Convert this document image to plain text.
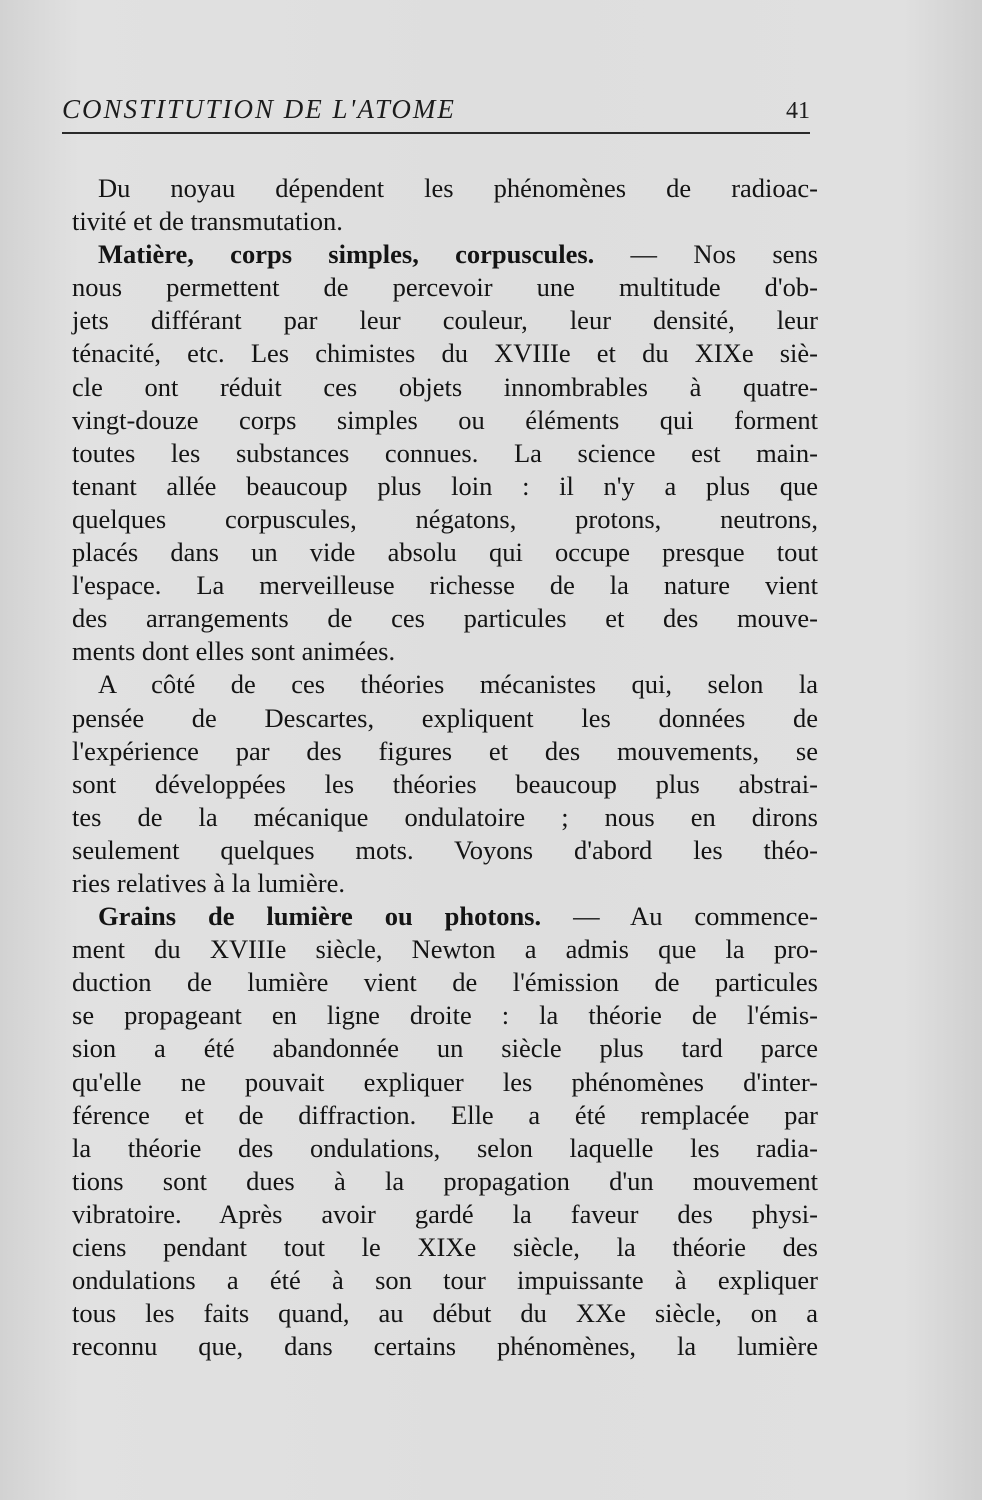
CONSTITUTION DE L'ATOME	41
Du noyau dépendent les phénomènes de radioac-
tivité et de transmutation.
Matière, corps simples, corpuscules. — Nos sens
nous permettent de percevoir une multitude d'ob-
jets différant par leur couleur, leur densité, leur
ténacité, etc. Les chimistes du XVIIIe et du XIXe siè-
cle ont réduit ces objets innombrables à quatre-
vingt-douze corps simples ou éléments qui forment
toutes les substances connues. La science est main-
tenant allée beaucoup plus loin : il n'y a plus que
quelques corpuscules, négatons, protons, neutrons,
placés dans un vide absolu qui occupe presque tout
l'espace. La merveilleuse richesse de la nature vient
des arrangements de ces particules et des mouve-
ments dont elles sont animées.
A côté de ces théories mécanistes qui, selon la
pensée de Descartes, expliquent les données de
l'expérience par des figures et des mouvements, se
sont développées les théories beaucoup plus abstrai-
tes de la mécanique ondulatoire ; nous en dirons
seulement quelques mots. Voyons d'abord les théo-
ries relatives à la lumière.
Grains de lumière ou photons. — Au commence-
ment du XVIIIe siècle, Newton a admis que la pro-
duction de lumière vient de l'émission de particules
se propageant en ligne droite : la théorie de l'émis-
sion a été abandonnée un siècle plus tard parce
qu'elle ne pouvait expliquer les phénomènes d'inter-
férence et de diffraction. Elle a été remplacée par
la théorie des ondulations, selon laquelle les radia-
tions sont dues à la propagation d'un mouvement
vibratoire. Après avoir gardé la faveur des physi-
ciens pendant tout le XIXe siècle, la théorie des
ondulations a été à son tour impuissante à expliquer
tous les faits quand, au début du XXe siècle, on a
reconnu que, dans certains phénomènes, la lumière
